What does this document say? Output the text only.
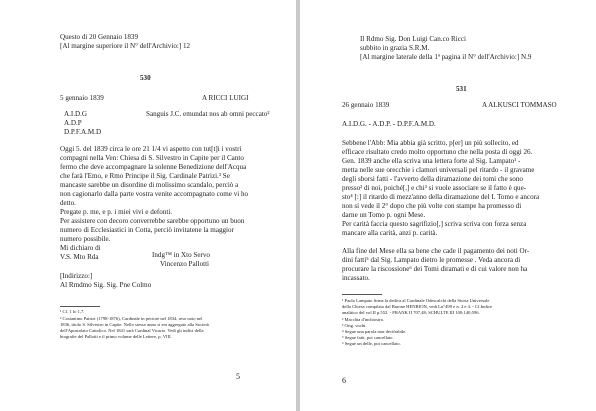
Questo di 20 Gennaio 1839
[Al margine superiore il N° dell'Archivio:] 12
530
5 gennaio 1839	A RICCI LUIGI
A.I.D.G	Sanguis J.C. emundat nos ab omni peccato²
A.D.P
D.P.F.A.M.D
Oggi 5. del 1839 circa le ore 21 1/4 vi aspetto con tut[t]i i vostri
compagni nella Ven: Chiesa di S. Silvestro in Capite per il Canto
fermo che deve accompagnare la solenne Benedizione dell'Acqua
che farà l'Emo, e Rmo Principe il Sig. Cardinale Patrizi.³ Se
mancaste sarebbe un disordine di molissimo scandalo, perciò a
non cagionarlo dalla parte vostra venite accompagnato come vi ho
detto.
Pregate p. me, e p. i miei vivi e defonti.
Per assistere con decoro converrebbe sarebbe opportuno un buon
numero di Ecclesiastici in Cotta, perciò invitatene la maggior
numero possibile.
Mi dichiaro di
V.S. Mto Rda	Indg™ in Xto Servo
Vincenzo Pallotti
[Indirizzo:]
Al Rmdmo Sig. Sig. Pne Colmo
¹ Cf. 1 lo 1,7.
² Costantino Patrizi (1798-1876), Cardinale in pectore nel 1834, reso noto nel
1836, titolo S. Silvestro in Capite. Nello stesso anno si era aggregato alla Società
dell'Apostolato Cattolico. Nel 1841 sarà Cardinal Vicario. Vedi gli indici della
biografie del Pallotti e il primo volume delle Lettere, p. VIII.
5
Il Rdmo Sig. Don Luigi Can.co Ricci
subbito in grazia S.R.M.
[Al margine laterale della 1ª pagina il N° dell'Archivio:] N.9
531
26 gennaio 1839	A ALKUSCI TOMMASO
A.I.D.G. - A.D.P. - D.P.F.A.M.D.
Sebbene l'Abb: Mia abbia già scritto, p[er] un più sollecito, ed
efficace risultato credo molto opportuno che nella posta di oggi 26.
Gen. 1839 anche ella scriva una lettera forte al Sig. Lampato¹ -
metta nelle sue orecchie i clamori universali pel ritardo - il gravame
degli sborsi fatti - l'avverto della diramazione dei tomi che sono
presso² di noi, poiché[,] e chi³ si vuole associare se il fatto è que-
sto⁴ [:] il ritardo di mezz'anno della diramazione del I. Tomo e ancora
non si vede il 2° dopo che più volte con stampe ha promesso di
darne un Tomo p. ogni Mese.
Per carità faccia questo sagrifizio[,] scriva scriva con forza senza
mancare alla carità, anzi p. carità.
Alla fine del Mese ella sa bene che cade il pagamento dei noti Or-
dini fatti⁵ dal Sig. Lampato dietro le promesse . Veda ancora di
procurare la riscossione⁶ dei Tomi diramati e di cui valore non ha
incassato.
¹ Paolo Lampato firma la dedica al Cardinale Odescalchi della Storia Universale
della Chiesa compilata dal Barone HENRION, vedi Ln°499 e n. 2 e 4. - Cf.Indice
analitico del vol.II p.552. - FRANK II 707,48; SCHULTE III 100;140;596.
² Macchia d'inchiostro.
³ Orig. vochi.
⁴ Segue una parola non decifrabile.
⁵ Segue fatti, poi cancellato.
⁶ Segue un delle, poi cancellato.
6
